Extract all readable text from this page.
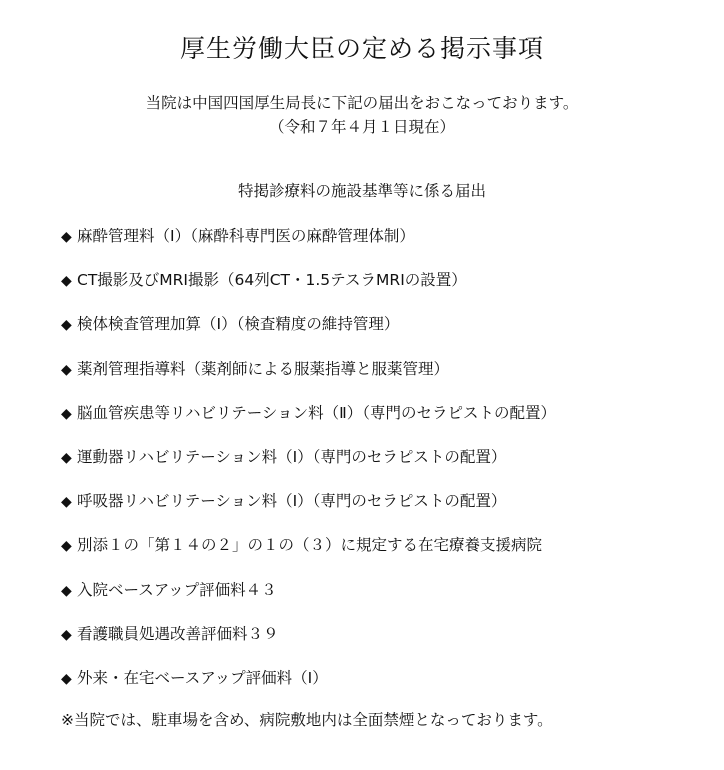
厚生労働大臣の定める掲示事項
当院は中国四国厚生局長に下記の届出をおこなっております。
（令和７年４月１日現在）
特掲診療料の施設基準等に係る届出
◆ 麻酔管理料（Ⅰ）（麻酔科専門医の麻酔管理体制）
◆ CT撮影及びMRI撮影（64列CT・1.5テスラMRIの設置）
◆ 検体検査管理加算（Ⅰ）（検査精度の維持管理）
◆ 薬剤管理指導料（薬剤師による服薬指導と服薬管理）
◆ 脳血管疾患等リハビリテーション料（Ⅱ）（専門のセラピストの配置）
◆ 運動器リハビリテーション料（Ⅰ）（専門のセラピストの配置）
◆ 呼吸器リハビリテーション料（Ⅰ）（専門のセラピストの配置）
◆ 別添１の「第１４の２」の１の（３）に規定する在宅療養支援病院
◆ 入院ベースアップ評価料４３
◆ 看護職員処遇改善評価料３９
◆ 外来・在宅ベースアップ評価料（Ⅰ）
※当院では、駐車場を含め、病院敷地内は全面禁煙となっております。
